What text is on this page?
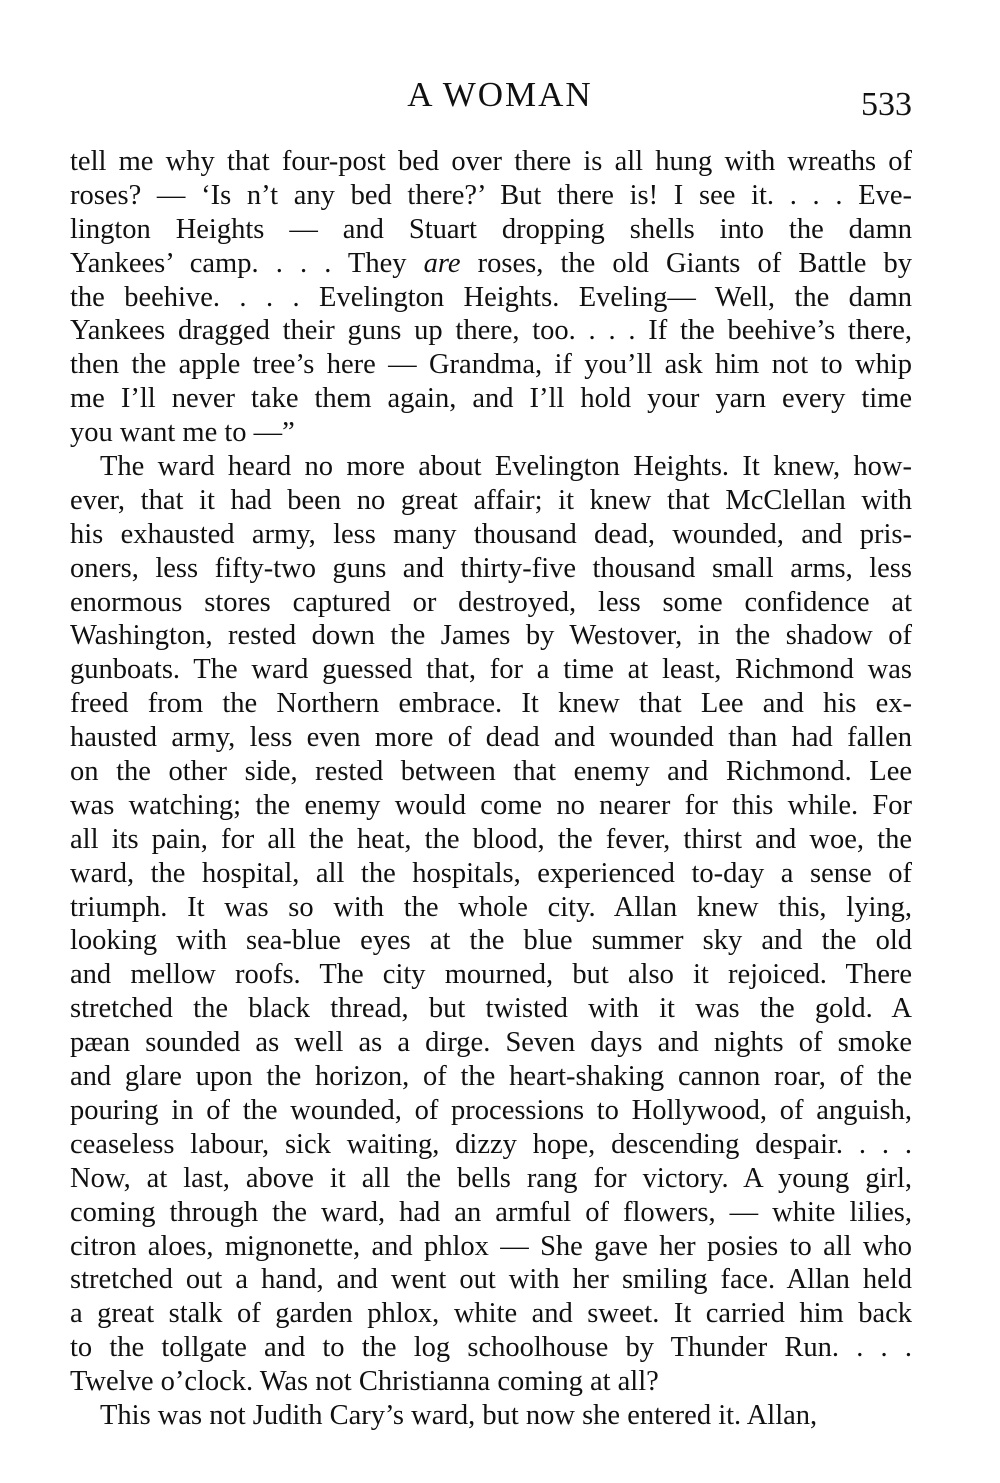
A WOMAN	533
tell me why that four-post bed over there is all hung with wreaths of
roses? — ‘Is n’t any bed there?’ But there is! I see it. . . . Eve-
lington Heights — and Stuart dropping shells into the damn
Yankees’ camp. . . . They are roses, the old Giants of Battle by
the beehive. . . . Evelington Heights. Eveling— Well, the damn
Yankees dragged their guns up there, too. . . . If the beehive’s there,
then the apple tree’s here — Grandma, if you’ll ask him not to whip
me I’ll never take them again, and I’ll hold your yarn every time
you want me to —”
The ward heard no more about Evelington Heights. It knew, how-
ever, that it had been no great affair; it knew that McClellan with
his exhausted army, less many thousand dead, wounded, and pris-
oners, less fifty-two guns and thirty-five thousand small arms, less
enormous stores captured or destroyed, less some confidence at
Washington, rested down the James by Westover, in the shadow of
gunboats. The ward guessed that, for a time at least, Richmond was
freed from the Northern embrace. It knew that Lee and his ex-
hausted army, less even more of dead and wounded than had fallen
on the other side, rested between that enemy and Richmond. Lee
was watching; the enemy would come no nearer for this while. For
all its pain, for all the heat, the blood, the fever, thirst and woe, the
ward, the hospital, all the hospitals, experienced to-day a sense of
triumph. It was so with the whole city. Allan knew this, lying,
looking with sea-blue eyes at the blue summer sky and the old
and mellow roofs. The city mourned, but also it rejoiced. There
stretched the black thread, but twisted with it was the gold. A
pæan sounded as well as a dirge. Seven days and nights of smoke
and glare upon the horizon, of the heart-shaking cannon roar, of the
pouring in of the wounded, of processions to Hollywood, of anguish,
ceaseless labour, sick waiting, dizzy hope, descending despair. . . .
Now, at last, above it all the bells rang for victory. A young girl,
coming through the ward, had an armful of flowers, — white lilies,
citron aloes, mignonette, and phlox — She gave her posies to all who
stretched out a hand, and went out with her smiling face. Allan held
a great stalk of garden phlox, white and sweet. It carried him back
to the tollgate and to the log schoolhouse by Thunder Run. . . .
Twelve o’clock. Was not Christianna coming at all?
This was not Judith Cary’s ward, but now she entered it. Allan,
